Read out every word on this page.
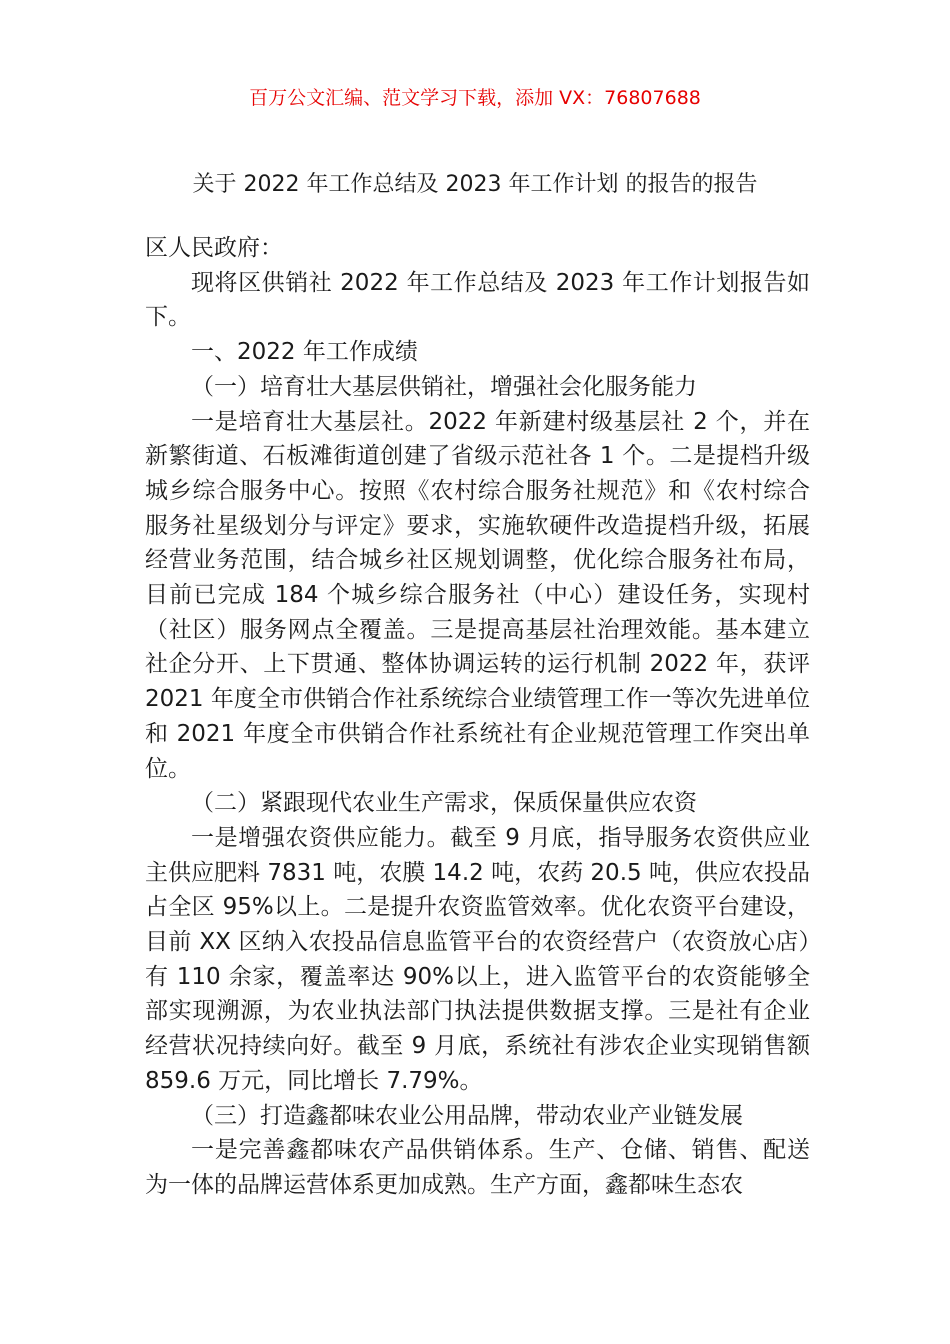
百万公文汇编、范文学习下载，添加 VX：76807688
关于 2022 年工作总结及 2023 年工作计划 的报告的报告

区人民政府：

现将区供销社 2022 年工作总结及 2023 年工作计划报告如下。

一、2022 年工作成绩

（一）培育壮大基层供销社，增强社会化服务能力

一是培育壮大基层社。2022 年新建村级基层社 2 个，并在新繁街道、石板滩街道创建了省级示范社各 1 个。二是提档升级城乡综合服务中心。按照《农村综合服务社规范》和《农村综合服务社星级划分与评定》要求，实施软硬件改造提档升级，拓展经营业务范围，结合城乡社区规划调整，优化综合服务社布局，目前已完成 184 个城乡综合服务社（中心）建设任务，实现村（社区）服务网点全覆盖。三是提高基层社治理效能。基本建立社企分开、上下贯通、整体协调运转的运行机制 2022 年，获评 2021 年度全市供销合作社系统综合业绩管理工作一等次先进单位和 2021 年度全市供销合作社系统社有企业规范管理工作突出单位。

（二）紧跟现代农业生产需求，保质保量供应农资

一是增强农资供应能力。截至 9 月底，指导服务农资供应业主供应肥料 7831 吨，农膜 14.2 吨，农药 20.5 吨，供应农投品占全区 95%以上。二是提升农资监管效率。优化农资平台建设，目前 XX 区纳入农投品信息监管平台的农资经营户（农资放心店）有 110 余家，覆盖率达 90%以上，进入监管平台的农资能够全部实现溯源，为农业执法部门执法提供数据支撑。三是社有企业经营状况持续向好。截至 9 月底，系统社有涉农企业实现销售额 859.6 万元，同比增长 7.79%。

（三）打造鑫都味农业公用品牌，带动农业产业链发展

一是完善鑫都味农产品供销体系。生产、仓储、销售、配送为一体的品牌运营体系更加成熟。生产方面，鑫都味生态农
